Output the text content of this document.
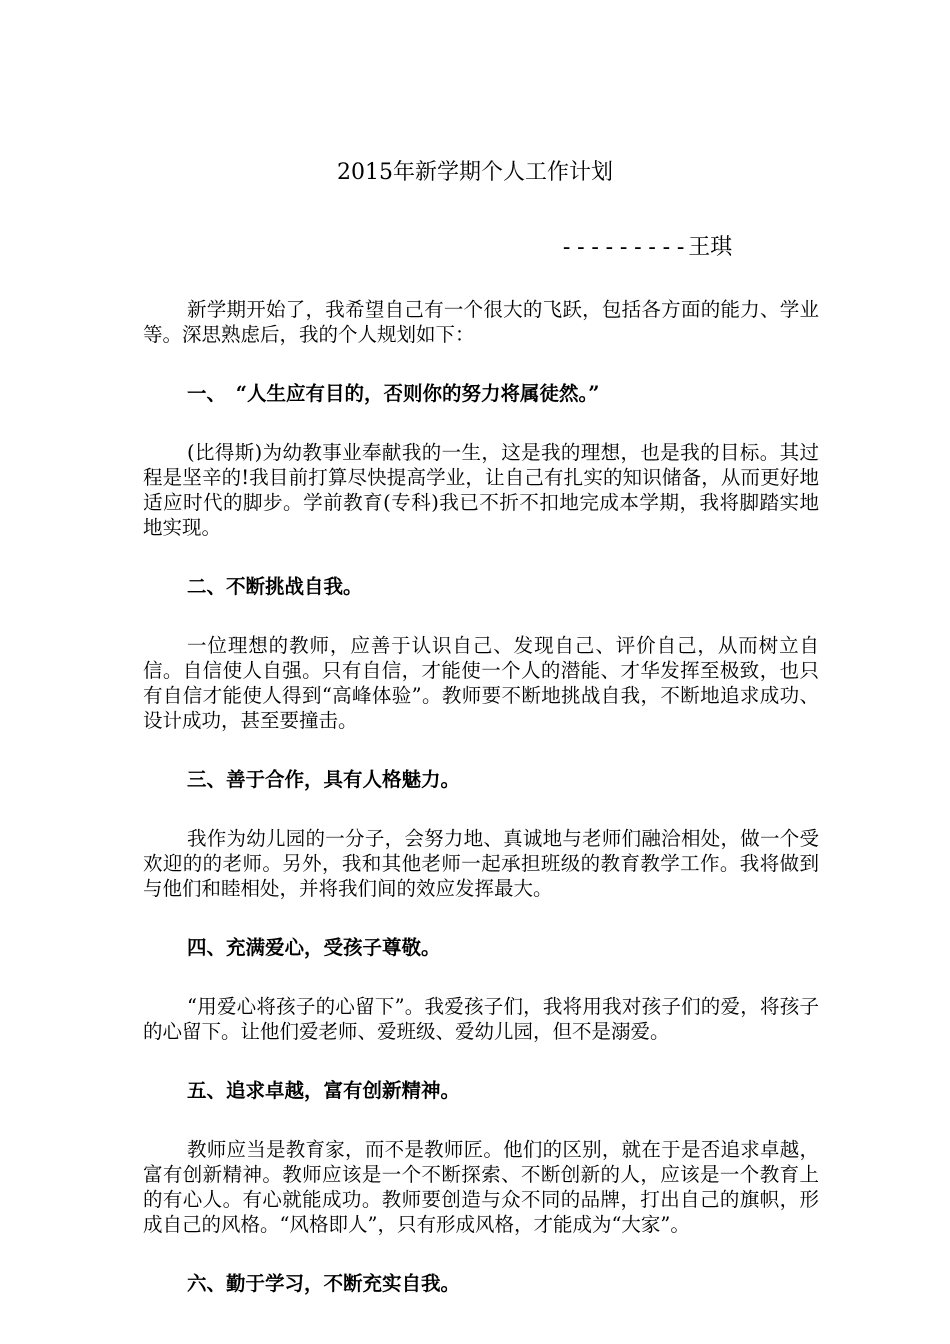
2015年新学期个人工作计划
---------王琪

新学期开始了，我希望自己有一个很大的飞跃，包括各方面的能力、学业等。深思熟虑后，我的个人规划如下：

一、　“人生应有目的，否则你的努力将属徒然。”

(比得斯)为幼教事业奉献我的一生，这是我的理想，也是我的目标。其过程是坚辛的!我目前打算尽快提高学业，让自己有扎实的知识储备，从而更好地适应时代的脚步。学前教育(专科)我已不折不扣地完成本学期，我将脚踏实地地实现。

二、不断挑战自我。

一位理想的教师，应善于认识自己、发现自己、评价自己，从而树立自信。自信使人自强。只有自信，才能使一个人的潜能、才华发挥至极致，也只有自信才能使人得到“高峰体验”。教师要不断地挑战自我，不断地追求成功、设计成功，甚至要撞击。

三、善于合作，具有人格魅力。

我作为幼儿园的一分子，会努力地、真诚地与老师们融洽相处，做一个受欢迎的的老师。另外，我和其他老师一起承担班级的教育教学工作。我将做到与他们和睦相处，并将我们间的效应发挥最大。

四、充满爱心，受孩子尊敬。

“用爱心将孩子的心留下”。我爱孩子们，我将用我对孩子们的爱，将孩子的心留下。让他们爱老师、爱班级、爱幼儿园，但不是溺爱。

五、追求卓越，富有创新精神。

教师应当是教育家，而不是教师匠。他们的区别，就在于是否追求卓越，富有创新精神。教师应该是一个不断探索、不断创新的人，应该是一个教育上的有心人。有心就能成功。教师要创造与众不同的品牌，打出自己的旗帜，形成自己的风格。“风格即人”，只有形成风格，才能成为“大家”。

六、勤于学习，不断充实自我。
